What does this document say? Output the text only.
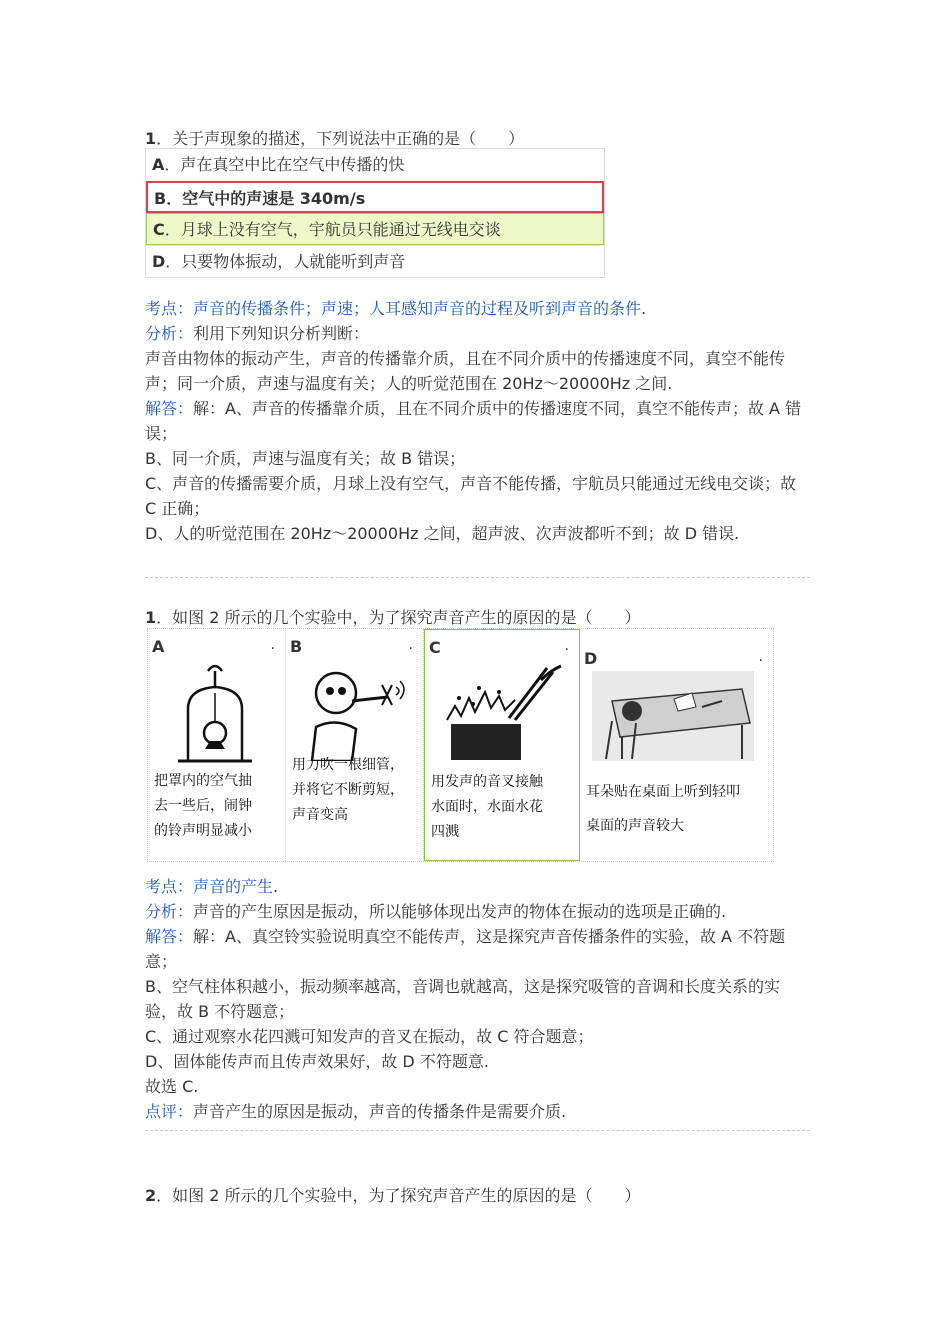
1．关于声现象的描述，下列说法中正确的是（　　）
A．声在真空中比在空气中传播的快
B．空气中的声速是 340m/s
C．月球上没有空气，宇航员只能通过无线电交谈
D．只要物体振动，人就能听到声音
考点：声音的传播条件；声速；人耳感知声音的过程及听到声音的条件.
分析：利用下列知识分析判断：
声音由物体的振动产生，声音的传播靠介质，且在不同介质中的传播速度不同，真空不能传声；同一介质，声速与温度有关；人的听觉范围在 20Hz～20000Hz 之间.
解答：解：A、声音的传播靠介质，且在不同介质中的传播速度不同，真空不能传声；故 A 错误；
B、同一介质，声速与温度有关；故 B 错误；
C、声音的传播需要介质，月球上没有空气，声音不能传播，宇航员只能通过无线电交谈；故 C 正确；
D、人的听觉范围在 20Hz～20000Hz 之间，超声波、次声波都听不到；故 D 错误.
1．如图 2 所示的几个实验中，为了探究声音产生的原因的是（　　）
A	.
把罩内的空气抽
去一些后，闹钟
的铃声明显减小
B	.
用力吹一根细管，
并将它不断剪短，
声音变高
C	.
用发声的音叉接触
水面时，水面水花
四溅
D	.
耳朵贴在桌面上听到轻叩
桌面的声音较大
考点：声音的产生.
分析：声音的产生原因是振动，所以能够体现出发声的物体在振动的选项是正确的.
解答：解：A、真空铃实验说明真空不能传声，这是探究声音传播条件的实验，故 A 不符题意；
B、空气柱体积越小，振动频率越高，音调也就越高，这是探究吸管的音调和长度关系的实验，故 B 不符题意；
C、通过观察水花四溅可知发声的音叉在振动，故 C 符合题意；
D、固体能传声而且传声效果好，故 D 不符题意.
故选 C.
点评：声音产生的原因是振动，声音的传播条件是需要介质.
2．如图 2 所示的几个实验中，为了探究声音产生的原因的是（　　）
